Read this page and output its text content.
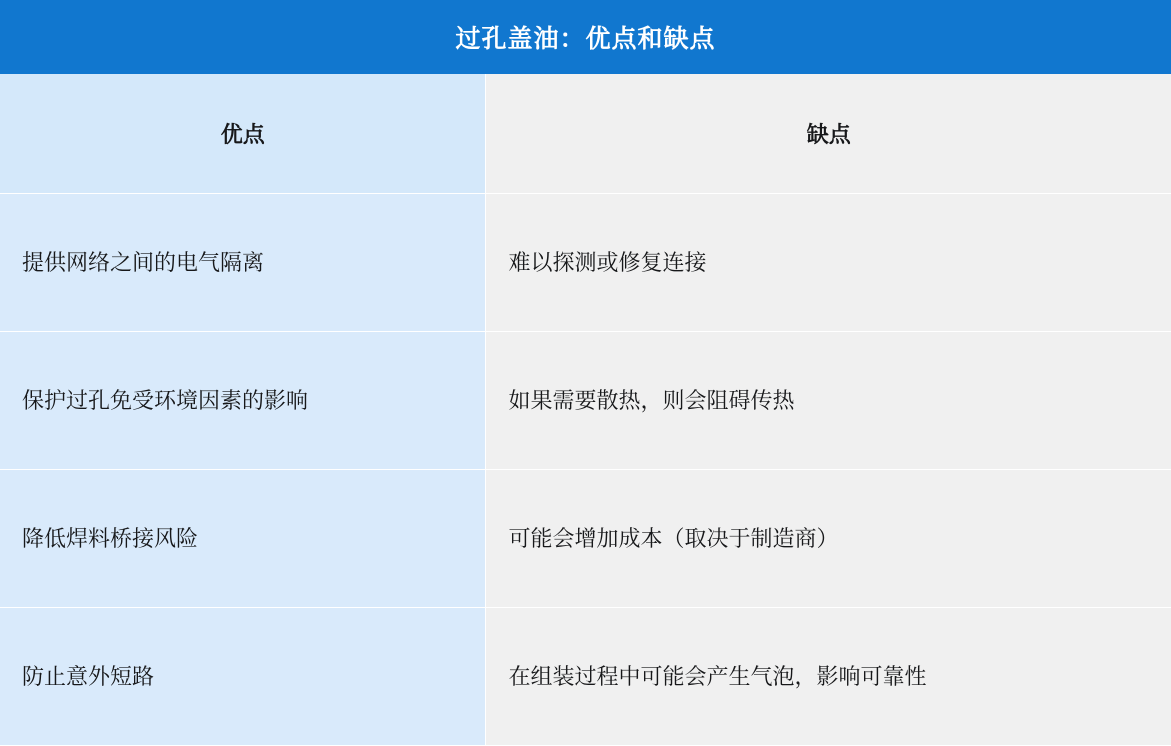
过孔盖油：优点和缺点	
优点	缺点
提供网络之间的电气隔离	难以探测或修复连接
保护过孔免受环境因素的影响	如果需要散热，则会阻碍传热
降低焊料桥接风险	可能会增加成本（取决于制造商）
防止意外短路	在组装过程中可能会产生气泡，影响可靠性
